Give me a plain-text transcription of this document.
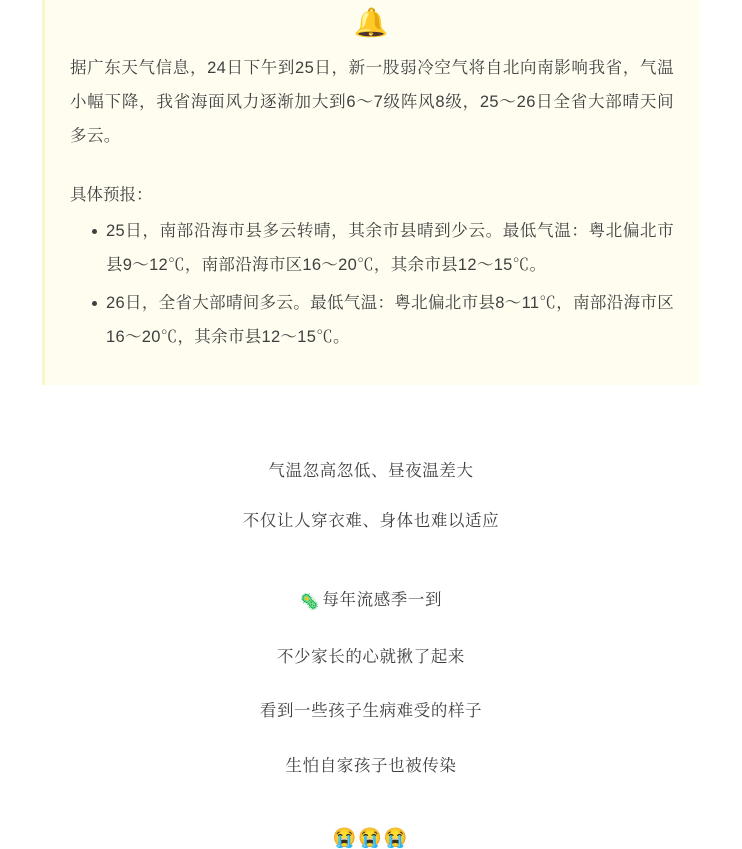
🔔

据广东天气信息，24日下午到25日，新一股弱冷空气将自北向南影响我省，气温小幅下降，我省海面风力逐渐加大到6～7级阵风8级，25～26日全省大部晴天间多云。

具体预报：
25日，南部沿海市县多云转晴，其余市县晴到少云。最低气温：粤北偏北市县9～12℃，南部沿海市区16～20℃，其余市县12～15℃。
26日，全省大部晴间多云。最低气温：粤北偏北市县8～11℃，南部沿海市区16～20℃，其余市县12～15℃。

气温忽高忽低、昼夜温差大

不仅让人穿衣难、身体也难以适应

🦠 每年流感季一到

不少家长的心就揪了起来

看到一些孩子生病难受的样子

生怕自家孩子也被传染

😭😭😭
